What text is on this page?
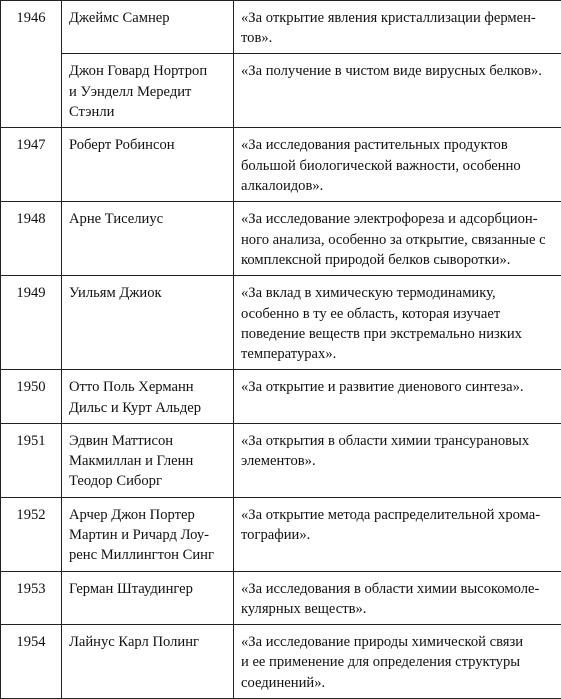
1946	Джеймс Самнер	«За открытие явления кристаллизации фермен-
тов».

	Джон Говард Нортроп
и Уэнделл Мередит
Стэнли	«За получение в чистом виде вирусных белков».

1947	Роберт Робинсон	«За исследования растительных продуктов
большой биологической важности, особенно
алкалоидов».

1948	Арне Тиселиус	«За исследование электрофореза и адсорбцион-
ного анализа, особенно за открытие, связанные с
комплексной природой белков сыворотки».

1949	Уильям Джиок	«За вклад в химическую термодинамику,
особенно в ту ее область, которая изучает
поведение веществ при экстремально низких
температурах».

1950	Отто Поль Херманн
Дильс и Курт Альдер	«За открытие и развитие диенового синтеза».

1951	Эдвин Маттисон
Макмиллан и Гленн
Теодор Сиборг	«За открытия в области химии трансурановых
элементов».

1952	Арчер Джон Портер
Мартин и Ричард Лоу-
ренс Миллингтон Синг	«За открытие метода распределительной хрома-
тографии».

1953	Герман Штаудингер	«За исследования в области химии высокомоле-
кулярных веществ».

1954	Лайнус Карл Полинг	«За исследование природы химической связи
и ее применение для определения структуры
соединений».
